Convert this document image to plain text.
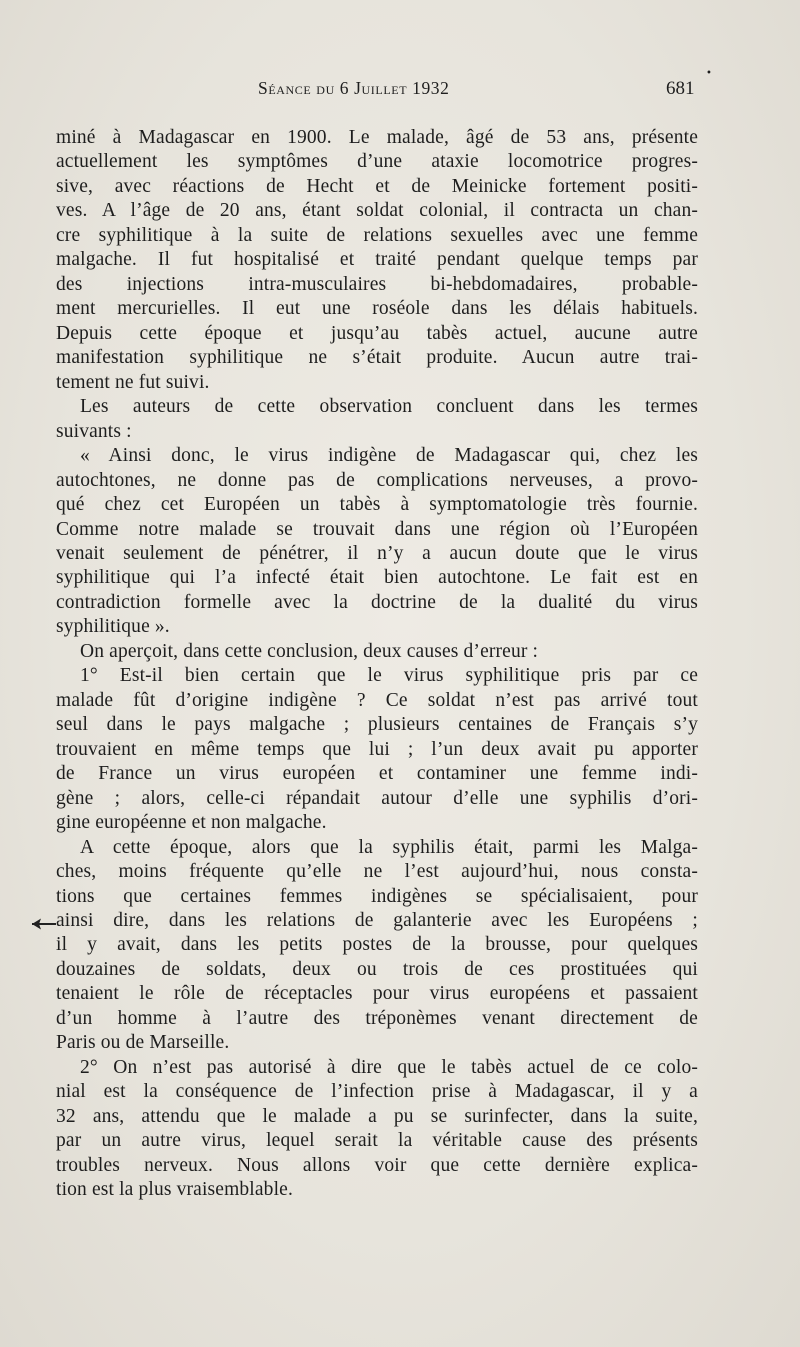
Séance du 6 Juillet 1932	681
•
miné à Madagascar en 1900. Le malade, âgé de 53 ans, présente
actuellement les symptômes d’une ataxie locomotrice progres-
sive, avec réactions de Hecht et de Meinicke fortement positi-
ves. A l’âge de 20 ans, étant soldat colonial, il contracta un chan-
cre syphilitique à la suite de relations sexuelles avec une femme
malgache. Il fut hospitalisé et traité pendant quelque temps par
des injections intra-musculaires bi-hebdomadaires, probable-
ment mercurielles. Il eut une roséole dans les délais habituels.
Depuis cette époque et jusqu’au tabès actuel, aucune autre
manifestation syphilitique ne s’était produite. Aucun autre trai-
tement ne fut suivi.
Les auteurs de cette observation concluent dans les termes
suivants :
« Ainsi donc, le virus indigène de Madagascar qui, chez les
autochtones, ne donne pas de complications nerveuses, a provo-
qué chez cet Européen un tabès à symptomatologie très fournie.
Comme notre malade se trouvait dans une région où l’Européen
venait seulement de pénétrer, il n’y a aucun doute que le virus
syphilitique qui l’a infecté était bien autochtone. Le fait est en
contradiction formelle avec la doctrine de la dualité du virus
syphilitique ».
On aperçoit, dans cette conclusion, deux causes d’erreur :
1° Est-il bien certain que le virus syphilitique pris par ce
malade fût d’origine indigène ? Ce soldat n’est pas arrivé tout
seul dans le pays malgache ; plusieurs centaines de Français s’y
trouvaient en même temps que lui ; l’un deux avait pu apporter
de France un virus européen et contaminer une femme indi-
gène ; alors, celle-ci répandait autour d’elle une syphilis d’ori-
gine européenne et non malgache.
A cette époque, alors que la syphilis était, parmi les Malga-
ches, moins fréquente qu’elle ne l’est aujourd’hui, nous consta-
tions que certaines femmes indigènes se spécialisaient, pour
ainsi dire, dans les relations de galanterie avec les Européens ;
il y avait, dans les petits postes de la brousse, pour quelques
douzaines de soldats, deux ou trois de ces prostituées qui
tenaient le rôle de réceptacles pour virus européens et passaient
d’un homme à l’autre des tréponèmes venant directement de
Paris ou de Marseille.
2° On n’est pas autorisé à dire que le tabès actuel de ce colo-
nial est la conséquence de l’infection prise à Madagascar, il y a
32 ans, attendu que le malade a pu se surinfecter, dans la suite,
par un autre virus, lequel serait la véritable cause des présents
troubles nerveux. Nous allons voir que cette dernière explica-
tion est la plus vraisemblable.
